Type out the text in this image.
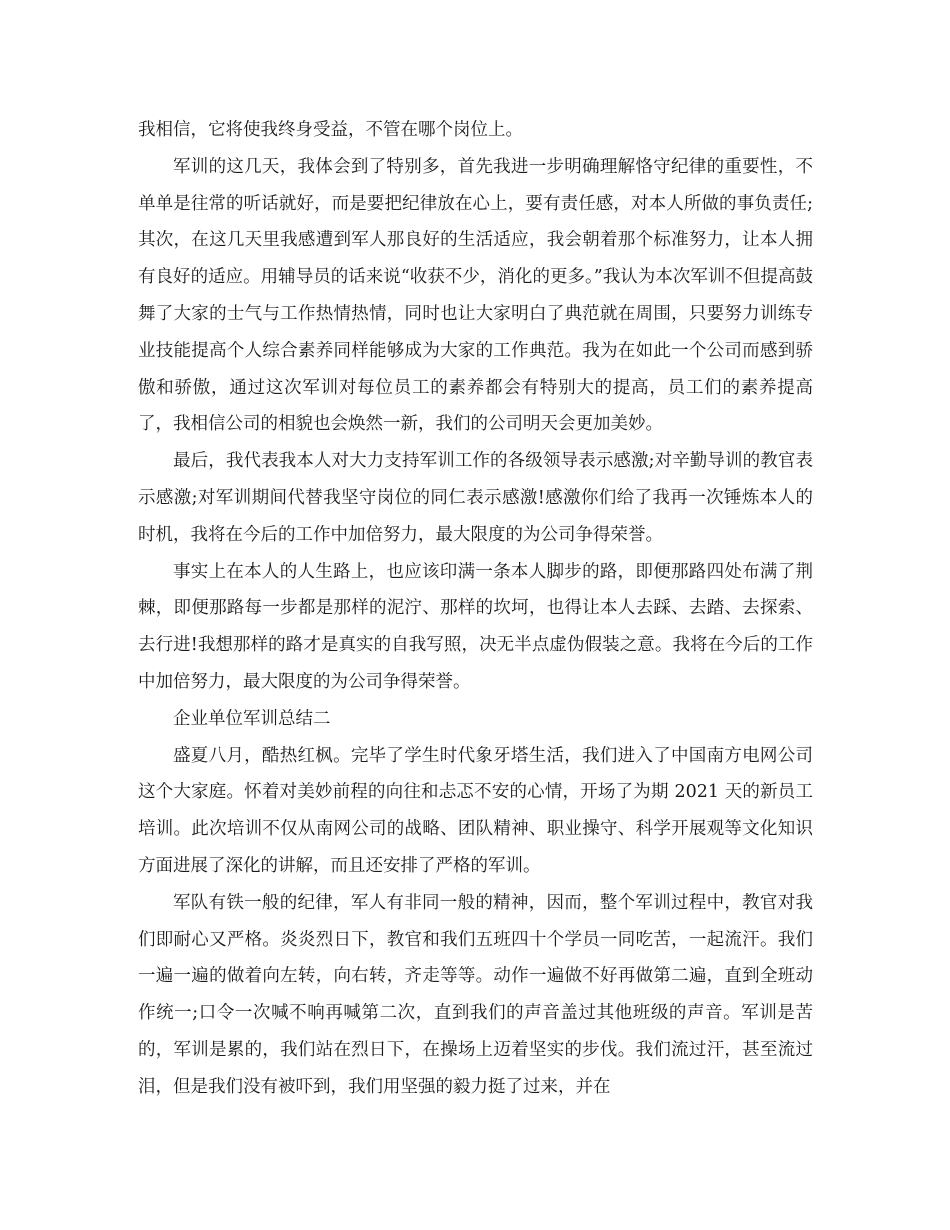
我相信，它将使我终身受益，不管在哪个岗位上。

军训的这几天，我体会到了特别多，首先我进一步明确理解恪守纪律的重要性，不单单是往常的听话就好，而是要把纪律放在心上，要有责任感，对本人所做的事负责任;其次，在这几天里我感遭到军人那良好的生活适应，我会朝着那个标准努力，让本人拥有良好的适应。用辅导员的话来说“收获不少，消化的更多。”我认为本次军训不但提高鼓舞了大家的士气与工作热情热情，同时也让大家明白了典范就在周围，只要努力训练专业技能提高个人综合素养同样能够成为大家的工作典范。我为在如此一个公司而感到骄傲和骄傲，通过这次军训对每位员工的素养都会有特别大的提高，员工们的素养提高了，我相信公司的相貌也会焕然一新，我们的公司明天会更加美妙。

最后，我代表我本人对大力支持军训工作的各级领导表示感激;对辛勤导训的教官表示感激;对军训期间代替我坚守岗位的同仁表示感激!感激你们给了我再一次锤炼本人的时机，我将在今后的工作中加倍努力，最大限度的为公司争得荣誉。

事实上在本人的人生路上，也应该印满一条本人脚步的路，即便那路四处布满了荆棘，即便那路每一步都是那样的泥泞、那样的坎坷，也得让本人去踩、去踏、去探索、去行进!我想那样的路才是真实的自我写照，决无半点虚伪假装之意。我将在今后的工作中加倍努力，最大限度的为公司争得荣誉。

企业单位军训总结二

盛夏八月，酷热红枫。完毕了学生时代象牙塔生活，我们进入了中国南方电网公司这个大家庭。怀着对美妙前程的向往和忐忑不安的心情，开场了为期 2021 天的新员工培训。此次培训不仅从南网公司的战略、团队精神、职业操守、科学开展观等文化知识方面进展了深化的讲解，而且还安排了严格的军训。

军队有铁一般的纪律，军人有非同一般的精神，因而，整个军训过程中，教官对我们即耐心又严格。炎炎烈日下，教官和我们五班四十个学员一同吃苦，一起流汗。我们一遍一遍的做着向左转，向右转，齐走等等。动作一遍做不好再做第二遍，直到全班动作统一;口令一次喊不响再喊第二次，直到我们的声音盖过其他班级的声音。军训是苦的，军训是累的，我们站在烈日下，在操场上迈着坚实的步伐。我们流过汗，甚至流过泪，但是我们没有被吓到，我们用坚强的毅力挺了过来，并在
